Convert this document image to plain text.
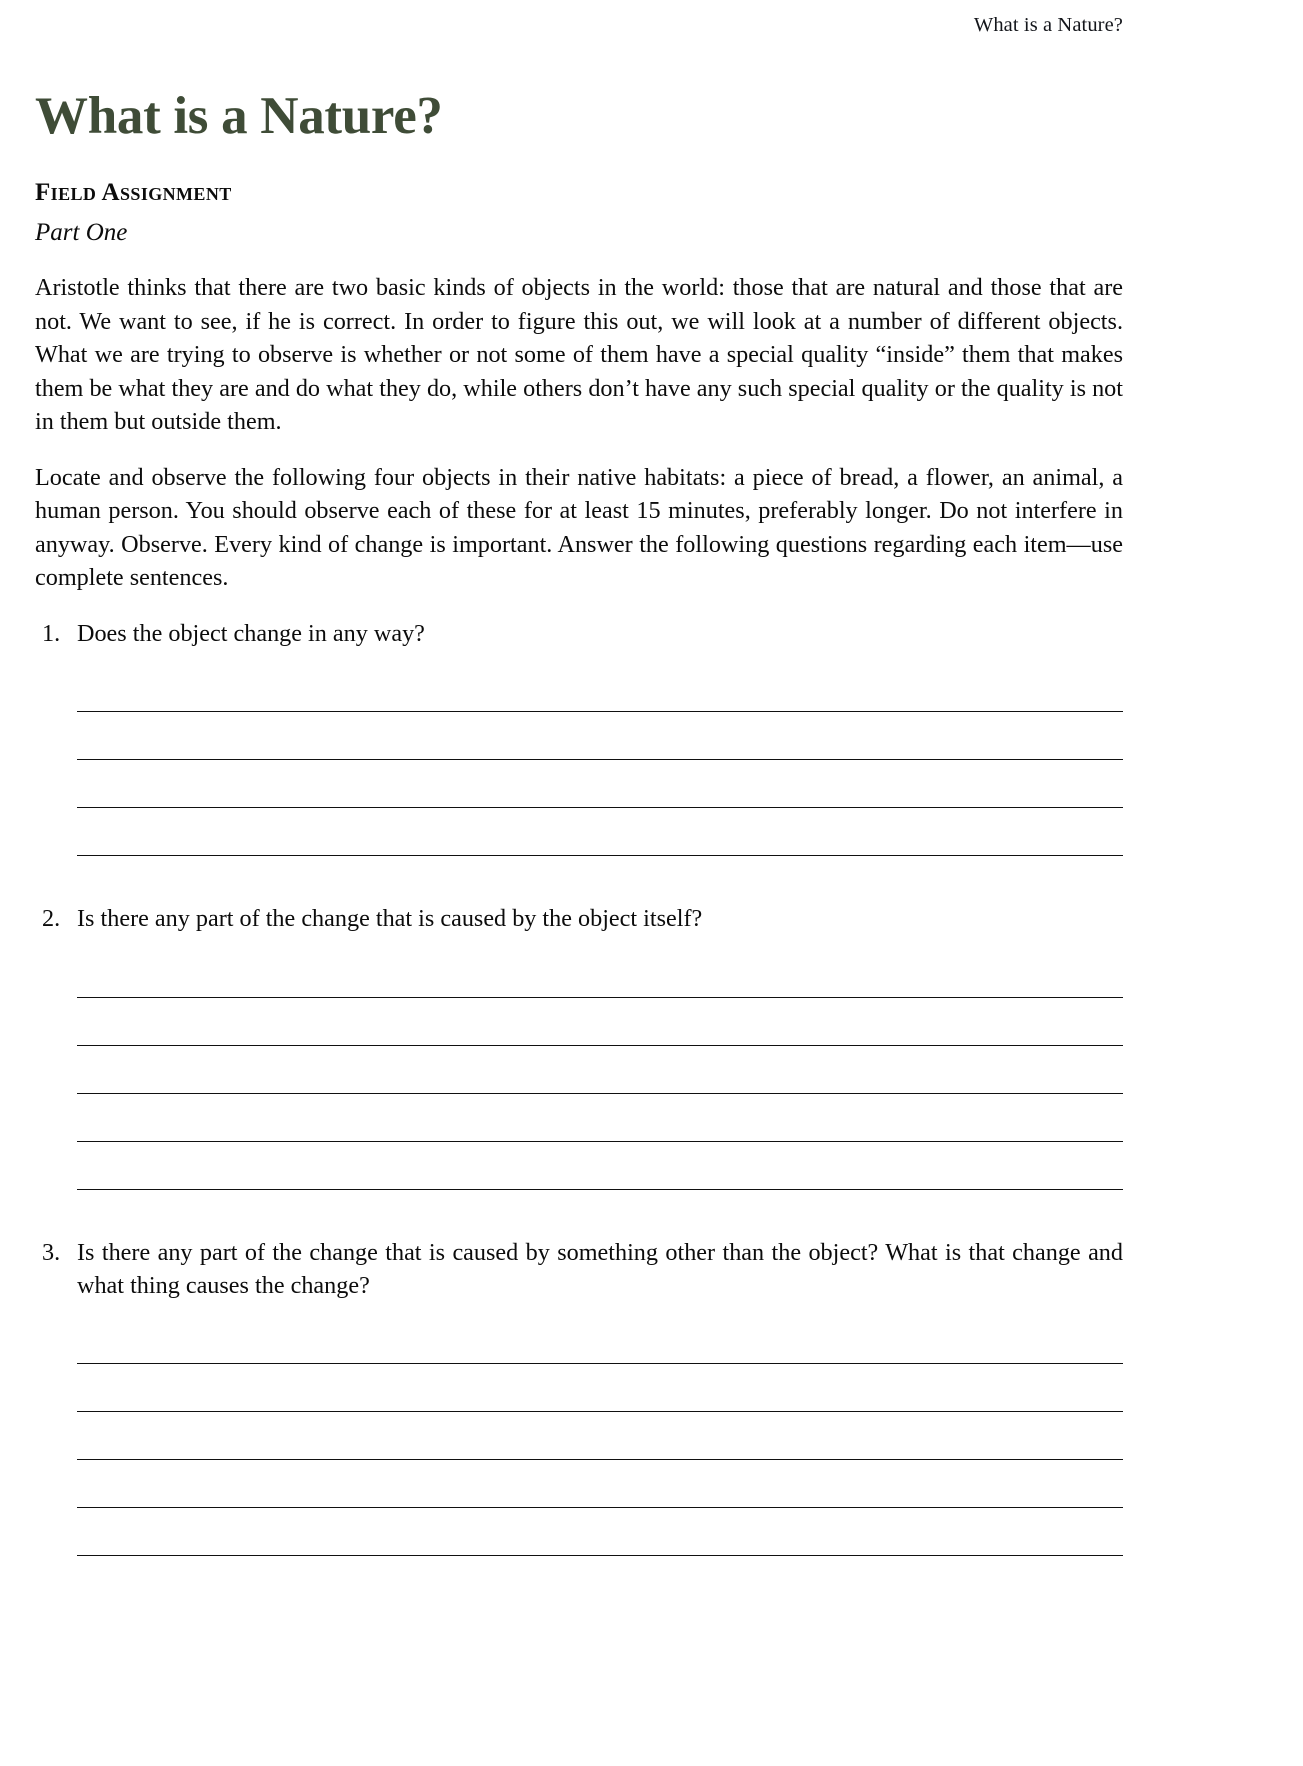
What is a Nature?
What is a Nature?
Field Assignment
Part One

Aristotle thinks that there are two basic kinds of objects in the world: those that are natural and those that are not. We want to see, if he is correct. In order to figure this out, we will look at a number of different objects. What we are trying to observe is whether or not some of them have a special quality “inside” them that makes them be what they are and do what they do, while others don’t have any such special quality or the quality is not in them but outside them.

Locate and observe the following four objects in their native habitats: a piece of bread, a flower, an animal, a human person. You should observe each of these for at least 15 minutes, preferably longer. Do not interfere in anyway. Observe. Every kind of change is important. Answer the following questions regarding each item—use complete sentences.

1. Does the object change in any way?
2. Is there any part of the change that is caused by the object itself?
3. Is there any part of the change that is caused by something other than the object? What is that change and what thing causes the change?
